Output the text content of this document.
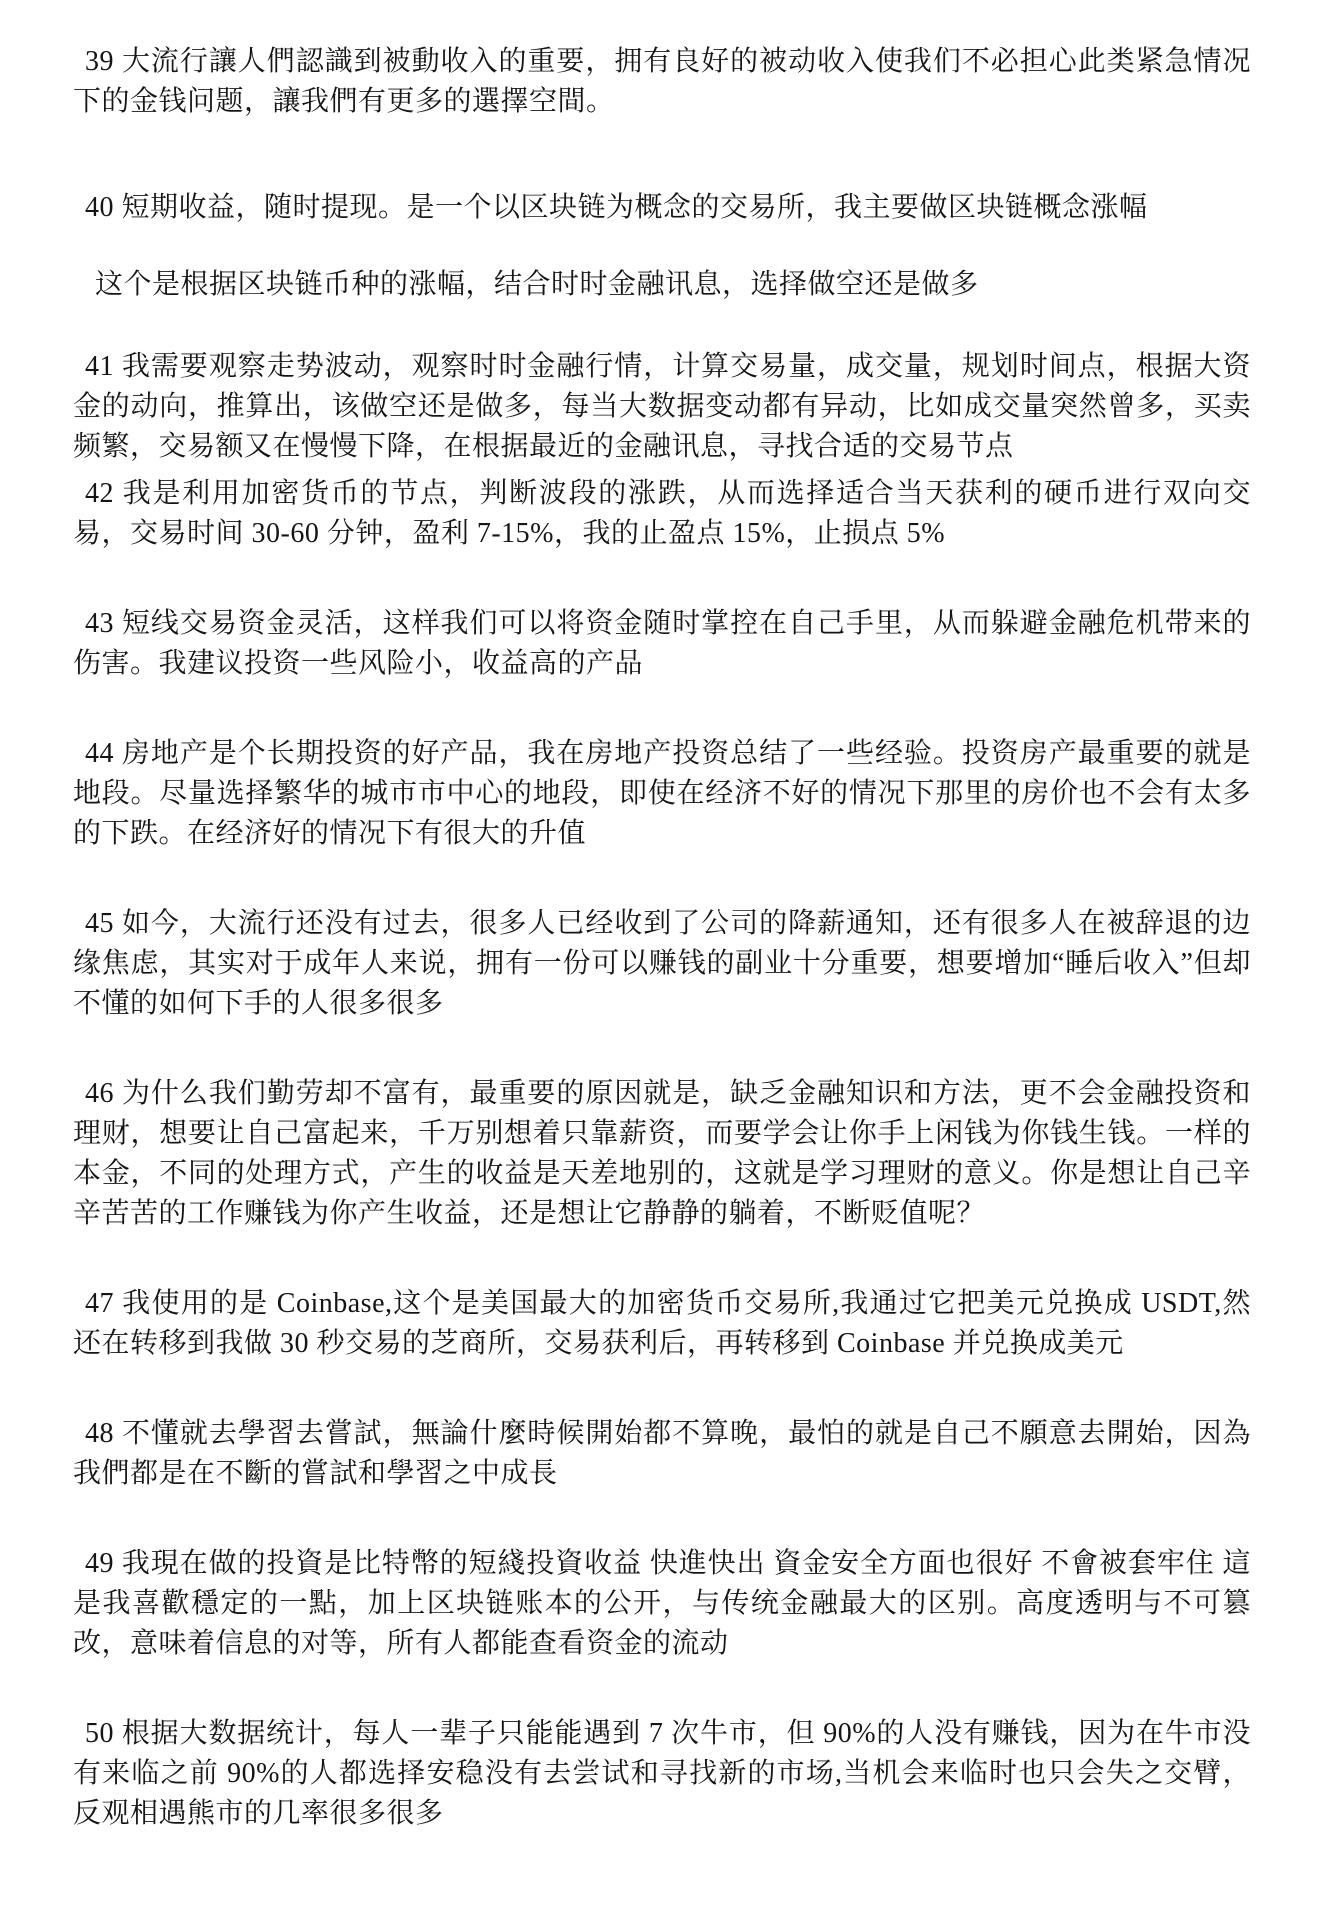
39 大流行讓人們認識到被動收入的重要，拥有良好的被动收入使我们不必担心此类紧急情况下的金钱问题，讓我們有更多的選擇空間。

40 短期收益，随时提现。是一个以区块链为概念的交易所，我主要做区块链概念涨幅

这个是根据区块链币种的涨幅，结合时时金融讯息，选择做空还是做多

41 我需要观察走势波动，观察时时金融行情，计算交易量，成交量，规划时间点，根据大资金的动向，推算出，该做空还是做多，每当大数据变动都有异动，比如成交量突然曾多，买卖频繁，交易额又在慢慢下降，在根据最近的金融讯息，寻找合适的交易节点

42 我是利用加密货币的节点，判断波段的涨跌，从而选择适合当天获利的硬币进行双向交易，交易时间 30-60 分钟，盈利 7-15%，我的止盈点 15%，止损点 5%

43 短线交易资金灵活，这样我们可以将资金随时掌控在自己手里，从而躲避金融危机带来的伤害。我建议投资一些风险小，收益高的产品

44 房地产是个长期投资的好产品，我在房地产投资总结了一些经验。投资房产最重要的就是地段。尽量选择繁华的城市市中心的地段，即使在经济不好的情况下那里的房价也不会有太多的下跌。在经济好的情况下有很大的升值

45 如今，大流行还没有过去，很多人已经收到了公司的降薪通知，还有很多人在被辞退的边缘焦虑，其实对于成年人来说，拥有一份可以赚钱的副业十分重要，想要增加“睡后收入”但却不懂的如何下手的人很多很多

46 为什么我们勤劳却不富有，最重要的原因就是，缺乏金融知识和方法，更不会金融投资和理财，想要让自己富起来，千万别想着只靠薪资，而要学会让你手上闲钱为你钱生钱。一样的本金，不同的处理方式，产生的收益是天差地别的，这就是学习理财的意义。你是想让自己辛辛苦苦的工作赚钱为你产生收益，还是想让它静静的躺着，不断贬值呢？

47 我使用的是 Coinbase,这个是美国最大的加密货币交易所,我通过它把美元兑换成 USDT,然还在转移到我做 30 秒交易的芝商所，交易获利后，再转移到 Coinbase 并兑换成美元

48 不懂就去學習去嘗試，無論什麼時候開始都不算晚，最怕的就是自己不願意去開始，因為我們都是在不斷的嘗試和學習之中成長

49 我現在做的投資是比特幣的短綫投資收益 快進快出 資金安全方面也很好 不會被套牢住 這是我喜歡穩定的一點，加上区块链账本的公开，与传统金融最大的区别。高度透明与不可篡改，意味着信息的对等，所有人都能查看资金的流动

50 根据大数据统计，每人一辈子只能能遇到 7 次牛市，但 90%的人没有赚钱，因为在牛市没有来临之前 90%的人都选择安稳没有去尝试和寻找新的市场,当机会来临时也只会失之交臂，反观相遇熊市的几率很多很多
